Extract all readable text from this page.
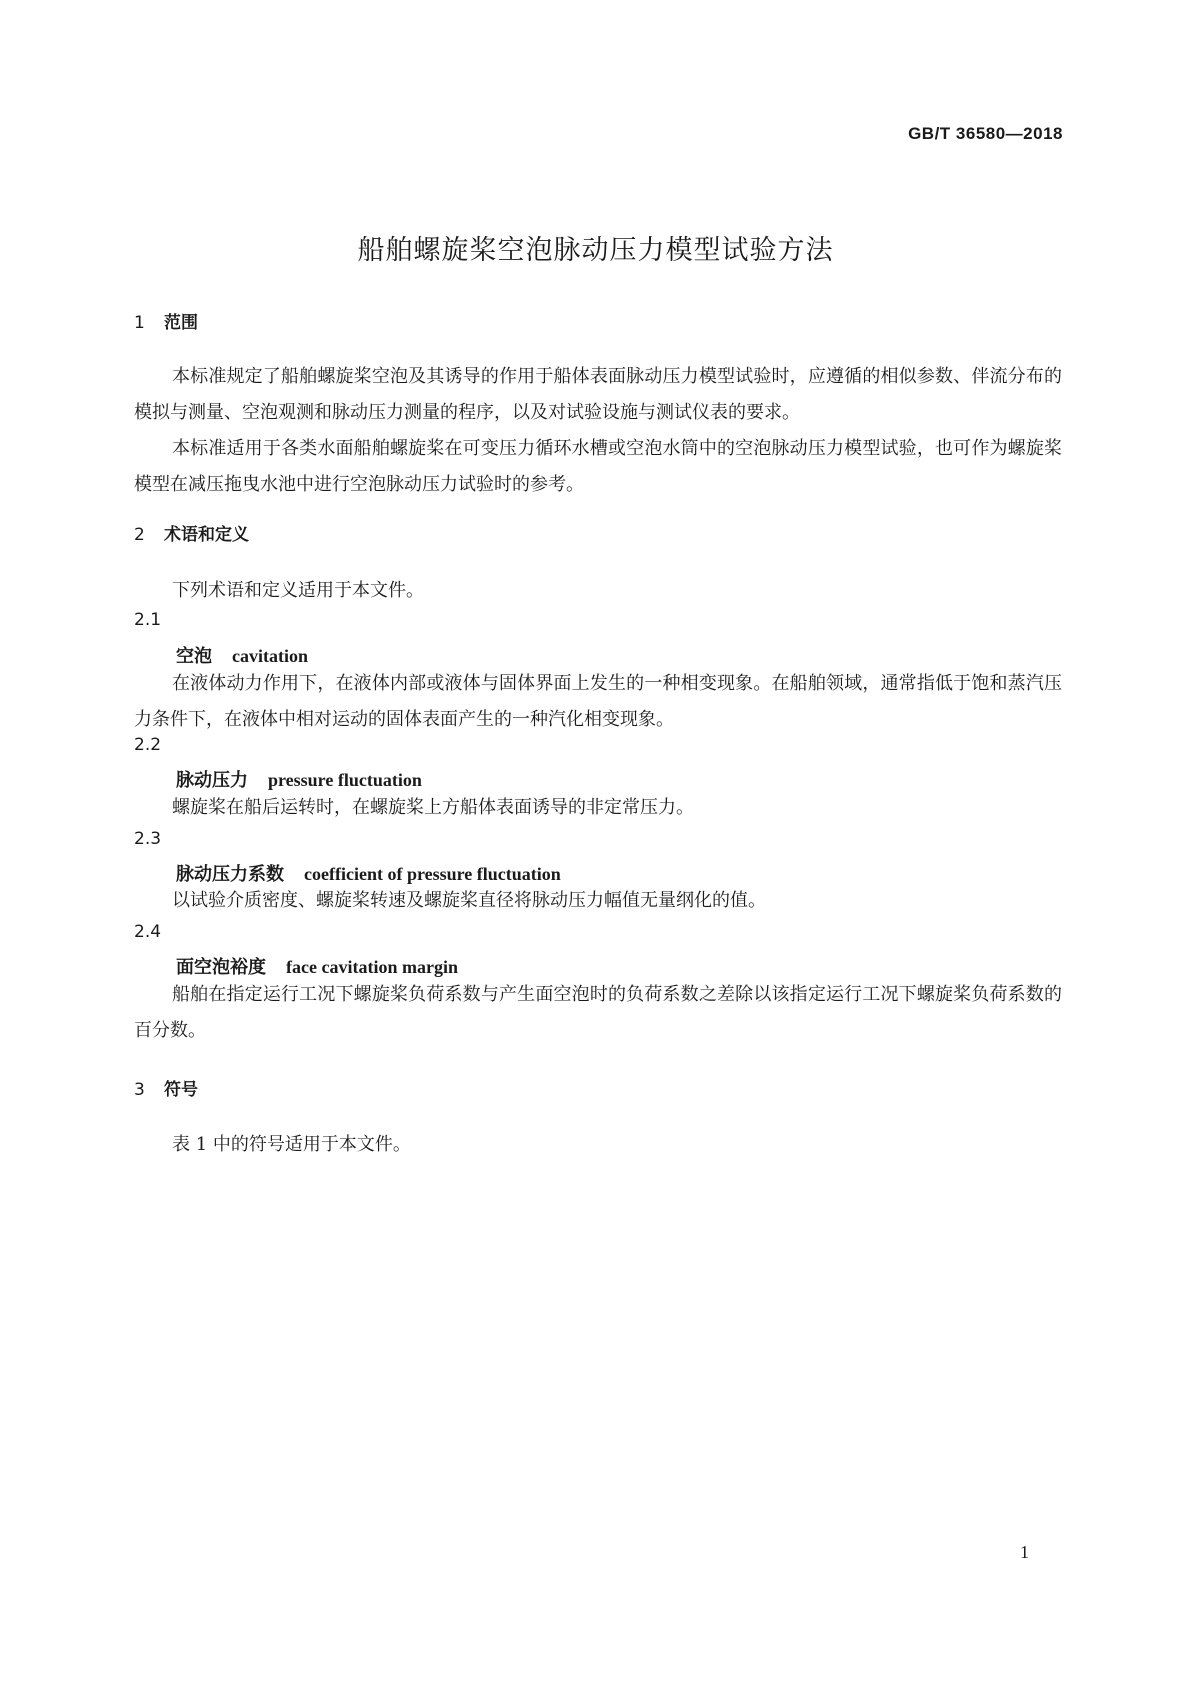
GB/T 36580—2018
船舶螺旋桨空泡脉动压力模型试验方法
1 范围
本标准规定了船舶螺旋桨空泡及其诱导的作用于船体表面脉动压力模型试验时，应遵循的相似参数、伴流分布的模拟与测量、空泡观测和脉动压力测量的程序，以及对试验设施与测试仪表的要求。
本标准适用于各类水面船舶螺旋桨在可变压力循环水槽或空泡水筒中的空泡脉动压力模型试验，也可作为螺旋桨模型在减压拖曳水池中进行空泡脉动压力试验时的参考。
2 术语和定义
下列术语和定义适用于本文件。
2.1
空泡 cavitation
在液体动力作用下，在液体内部或液体与固体界面上发生的一种相变现象。在船舶领域，通常指低于饱和蒸汽压力条件下，在液体中相对运动的固体表面产生的一种汽化相变现象。
2.2
脉动压力 pressure fluctuation
螺旋桨在船后运转时，在螺旋桨上方船体表面诱导的非定常压力。
2.3
脉动压力系数 coefficient of pressure fluctuation
以试验介质密度、螺旋桨转速及螺旋桨直径将脉动压力幅值无量纲化的值。
2.4
面空泡裕度 face cavitation margin
船舶在指定运行工况下螺旋桨负荷系数与产生面空泡时的负荷系数之差除以该指定运行工况下螺旋桨负荷系数的百分数。
3 符号
表 1 中的符号适用于本文件。
1
